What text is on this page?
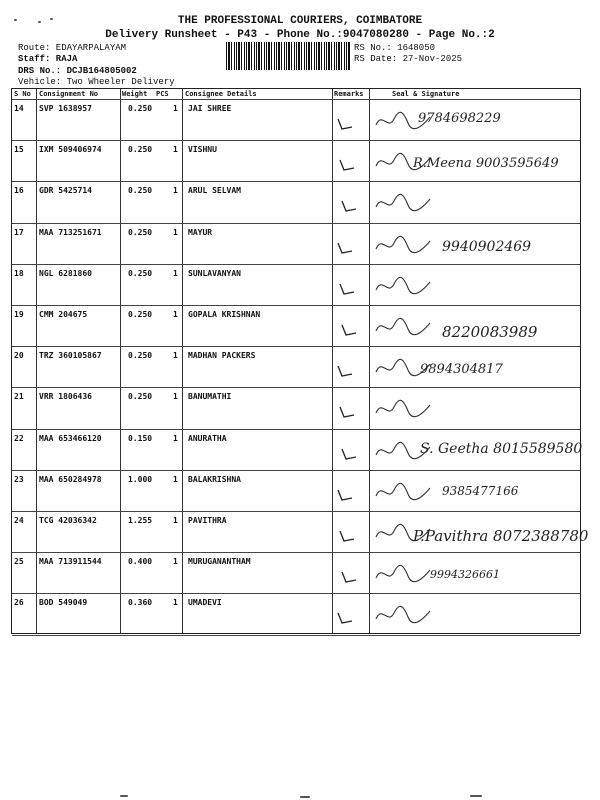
THE PROFESSIONAL COURIERS, COIMBATORE
Delivery Runsheet - P43 - Phone No.:9047080280 - Page No.:2
Route: EDAYARPALAYAM
Staff: RAJA
DRS No.: DCJB164805002
Vehicle: Two Wheeler Delivery
RS No.: 1648050
RS Date: 27-Nov-2025
S No Consignment No	Weight PCS Consignee Details	Remarks	Seal & Signature
14 SVP 1638957	0.250	1 JAI SHREE
9784698229
15 IXM 509406974	0.250	1 VISHNU
R.Meena 9003595649
16 GDR 5425714	0.250	1 ARUL SELVAM
17 MAA 713251671	0.250	1 MAYUR
9940902469
18 NGL 6281860	0.250	1 SUNLAVANYAN
19 CMM 204675	0.250	1 GOPALA KRISHNAN
8220083989
20 TRZ 360105867	0.250	1 MADHAN PACKERS
9894304817
21 VRR 1806436	0.250	1 BANUMATHI
22 MAA 653466120	0.150	1 ANURATHA
S. Geetha 8015589580
23 MAA 650284978	1.000	1 BALAKRISHNA
9385477166
24 TCG 42036342	1.255	1 PAVITHRA
P.Pavithra 8072388780
25 MAA 713911544	0.400	1 MURUGANANTHAM
9994326661
26 BOD 549049	0.360	1 UMADEVI
